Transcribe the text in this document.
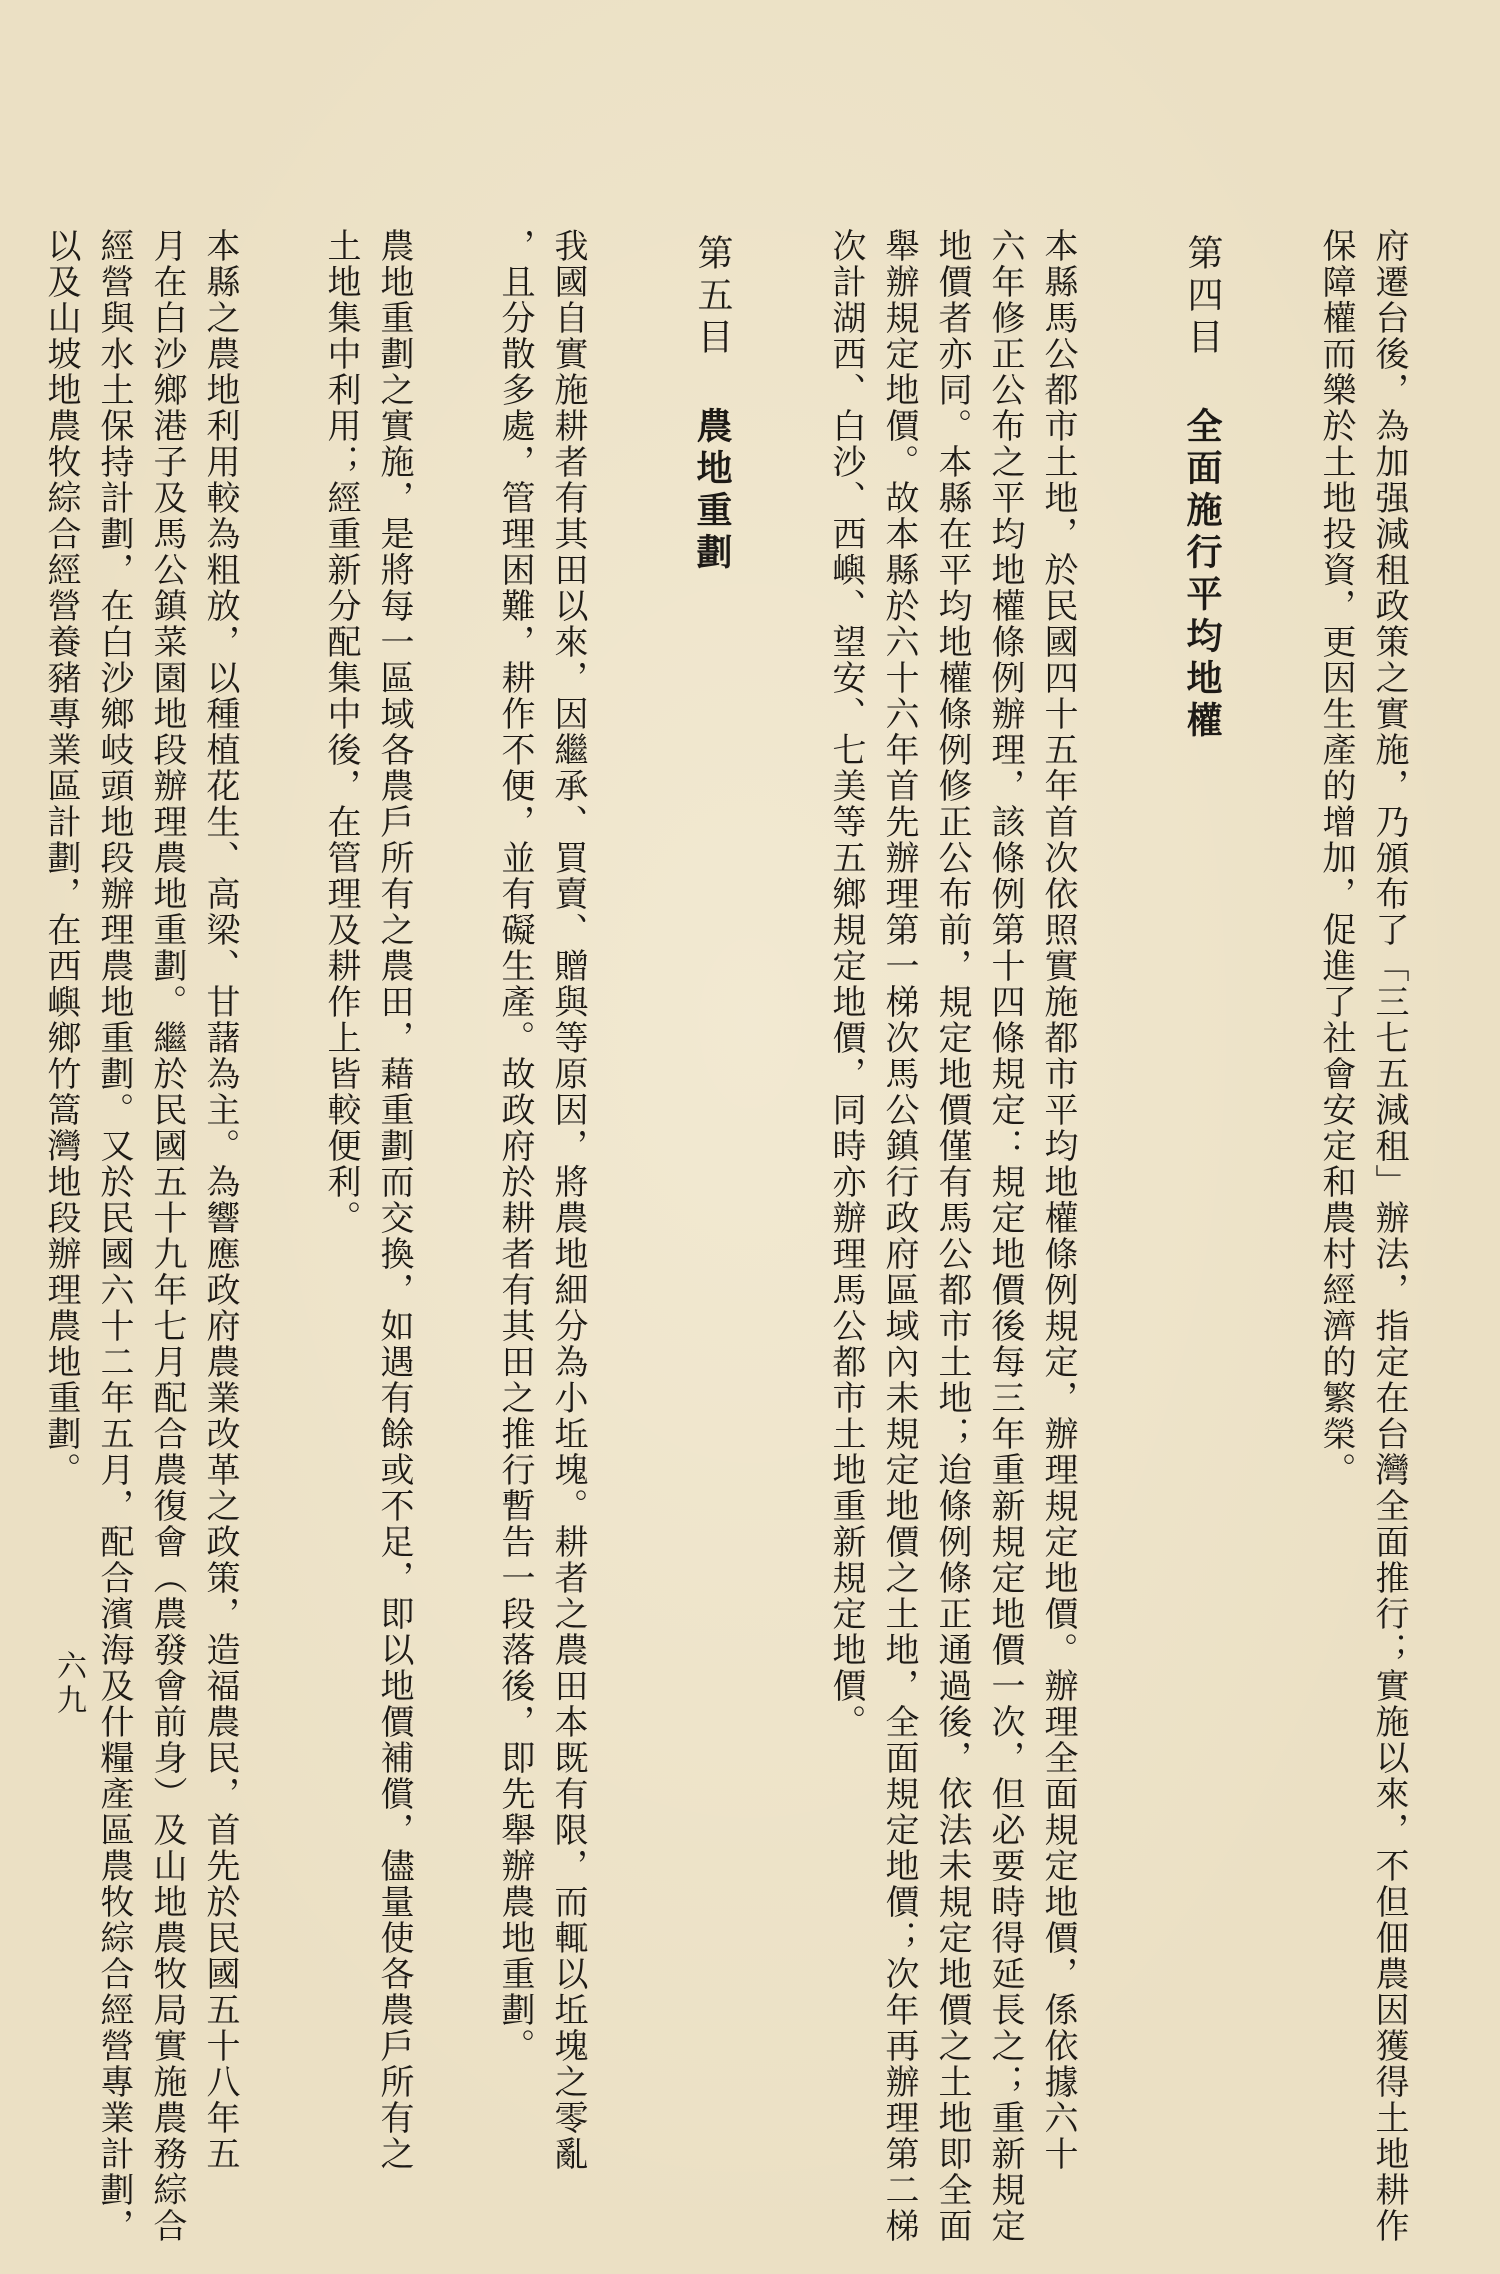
府遷台後，為加强減租政策之實施，乃頒布了「三七五減租」辦法，指定在台灣全面推行；實施以來，不但佃農因獲得土地耕作
保障權而樂於土地投資，更因生產的增加，促進了社會安定和農村經濟的繁榮。
第四目 全面施行平均地權
本縣馬公都市土地，於民國四十五年首次依照實施都市平均地權條例規定，辦理規定地價。辦理全面規定地價，係依據六十
六年修正公布之平均地權條例辦理，該條例第十四條規定：規定地價後每三年重新規定地價一次，但必要時得延長之；重新規定
地價者亦同。本縣在平均地權條例修正公布前，規定地價僅有馬公都市土地；迨條例條正通過後，依法未規定地價之土地即全面
舉辦規定地價。故本縣於六十六年首先辦理第一梯次馬公鎮行政府區域內未規定地價之土地，全面規定地價；次年再辦理第二梯
次計湖西、白沙、西嶼、望安、七美等五鄉規定地價，同時亦辦理馬公都市土地重新規定地價。
第五目 農地重劃
我國自實施耕者有其田以來，因繼承、買賣、贈與等原因，將農地細分為小坵塊。耕者之農田本既有限，而輒以坵塊之零亂
，且分散多處，管理困難，耕作不便，並有礙生產。故政府於耕者有其田之推行暫告一段落後，即先舉辦農地重劃。
農地重劃之實施，是將每一區域各農戶所有之農田，藉重劃而交換，如遇有餘或不足，即以地價補償，儘量使各農戶所有之
土地集中利用；經重新分配集中後，在管理及耕作上皆較便利。
本縣之農地利用較為粗放，以種植花生、高梁、甘藷為主。為響應政府農業改革之政策，造福農民，首先於民國五十八年五
月在白沙鄉港子及馬公鎮菜園地段辦理農地重劃。繼於民國五十九年七月配合農復會（農發會前身）及山地農牧局實施農務綜合
經營與水土保持計劃，在白沙鄉岐頭地段辦理農地重劃。又於民國六十二年五月，配合濱海及什糧產區農牧綜合經營專業計劃，
以及山坡地農牧綜合經營養豬專業區計劃，在西嶼鄉竹篙灣地段辦理農地重劃。
六九
